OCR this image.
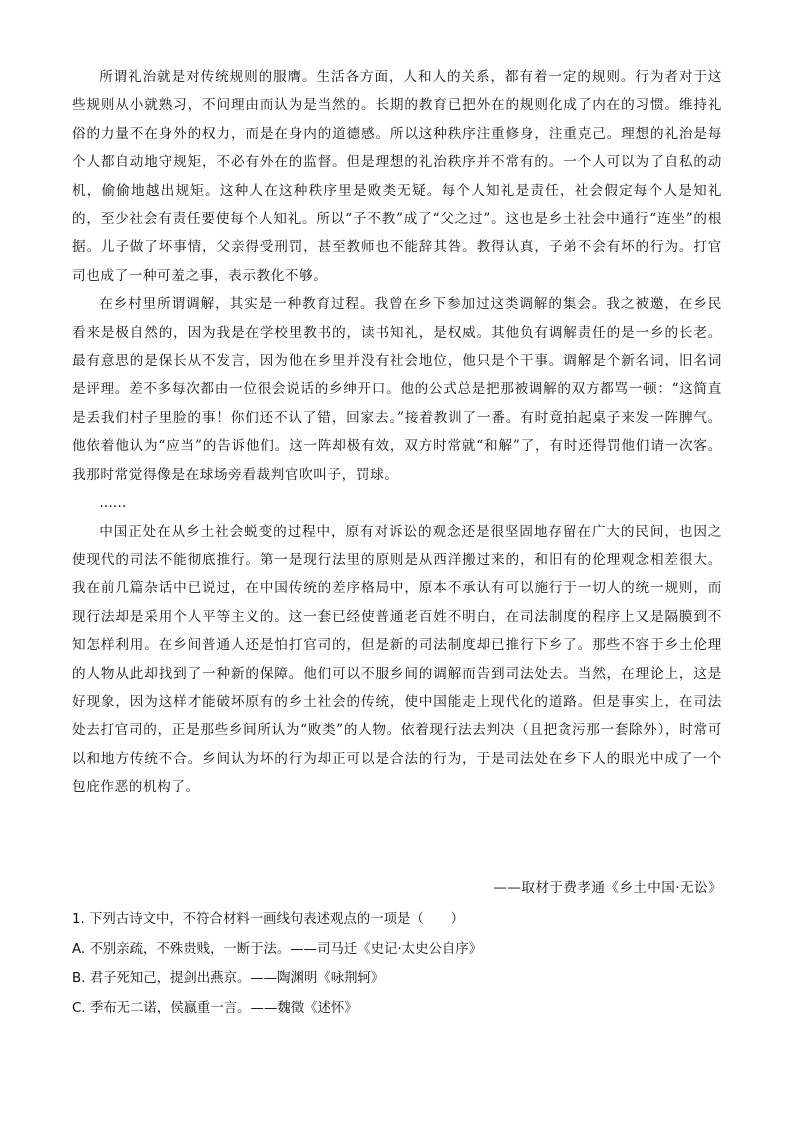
所谓礼治就是对传统规则的服膺。生活各方面，人和人的关系，都有着一定的规则。行为者对于这些规则从小就熟习，不问理由而认为是当然的。长期的教育已把外在的规则化成了内在的习惯。维持礼俗的力量不在身外的权力，而是在身内的道德感。所以这种秩序注重修身，注重克己。理想的礼治是每个人都自动地守规矩，不必有外在的监督。但是理想的礼治秩序并不常有的。一个人可以为了自私的动机，偷偷地越出规矩。这种人在这种秩序里是败类无疑。每个人知礼是责任，社会假定每个人是知礼的，至少社会有责任要使每个人知礼。所以“子不教”成了“父之过”。这也是乡土社会中通行“连坐”的根据。儿子做了坏事情，父亲得受刑罚，甚至教师也不能辞其咎。教得认真，子弟不会有坏的行为。打官司也成了一种可羞之事，表示教化不够。

在乡村里所谓调解，其实是一种教育过程。我曾在乡下参加过这类调解的集会。我之被邀，在乡民看来是极自然的，因为我是在学校里教书的，读书知礼，是权威。其他负有调解责任的是一乡的长老。最有意思的是保长从不发言，因为他在乡里并没有社会地位，他只是个干事。调解是个新名词，旧名词是评理。差不多每次都由一位很会说话的乡绅开口。他的公式总是把那被调解的双方都骂一顿：“这简直是丢我们村子里脸的事！你们还不认了错，回家去。”接着教训了一番。有时竟拍起桌子来发一阵脾气。他依着他认为“应当”的告诉他们。这一阵却极有效，双方时常就“和解”了，有时还得罚他们请一次客。我那时常觉得像是在球场旁看裁判官吹叫子，罚球。

……

中国正处在从乡土社会蜕变的过程中，原有对诉讼的观念还是很坚固地存留在广大的民间，也因之使现代的司法不能彻底推行。第一是现行法里的原则是从西洋搬过来的，和旧有的伦理观念相差很大。我在前几篇杂话中已说过，在中国传统的差序格局中，原本不承认有可以施行于一切人的统一规则，而现行法却是采用个人平等主义的。这一套已经使普通老百姓不明白，在司法制度的程序上又是隔膜到不知怎样利用。在乡间普通人还是怕打官司的，但是新的司法制度却已推行下乡了。那些不容于乡土伦理的人物从此却找到了一种新的保障。他们可以不服乡间的调解而告到司法处去。当然，在理论上，这是好现象，因为这样才能破坏原有的乡土社会的传统，使中国能走上现代化的道路。但是事实上，在司法处去打官司的，正是那些乡间所认为“败类”的人物。依着现行法去判决（且把贪污那一套除外），时常可以和地方传统不合。乡间认为坏的行为却正可以是合法的行为，于是司法处在乡下人的眼光中成了一个包庇作恶的机构了。

——取材于费孝通《乡土中国·无讼》
1. 下列古诗文中，不符合材料一画线句表述观点的一项是（　　）
A. 不别亲疏，不殊贵贱，一断于法。——司马迁《史记·太史公自序》
B. 君子死知己，提剑出燕京。——陶渊明《咏荆轲》
C. 季布无二诺，侯嬴重一言。——魏徵《述怀》
